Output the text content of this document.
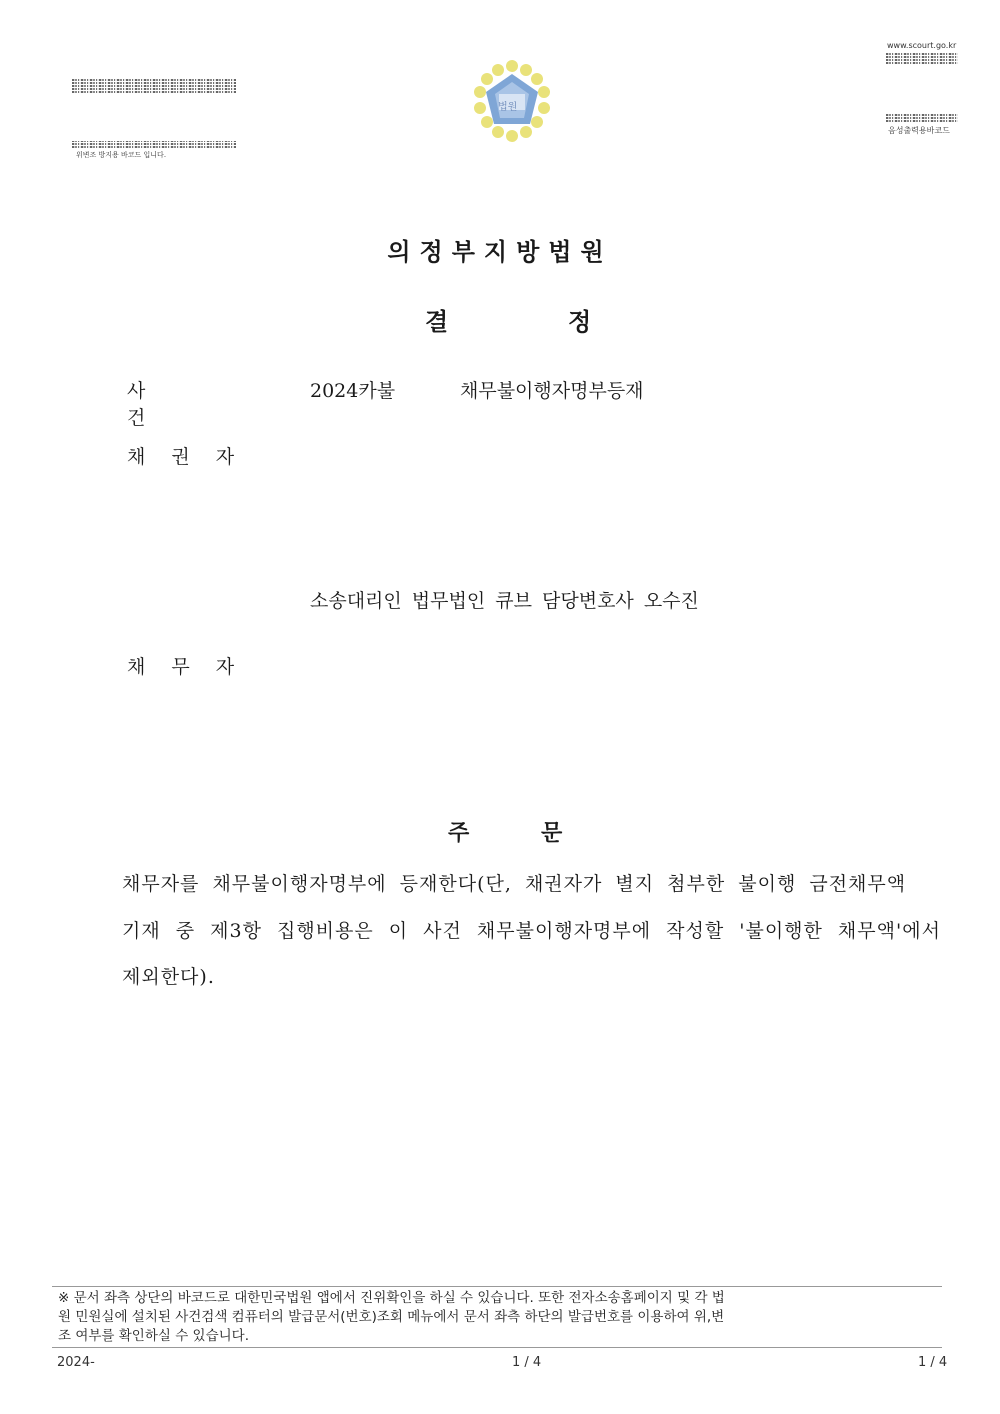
위변조 방지용 바코드 입니다.
법원
www.scourt.go.kr
음성출력용바코드
의정부지방법원
결	정
사 건
2024카불	채무불이행자명부등재
채 권 자
소송대리인 법무법인 큐브 담당변호사 오수진
채 무 자
주	문
채무자를 채무불이행자명부에 등재한다(단, 채권자가 별지 첨부한 불이행 금전채무액
기재 중 제3항 집행비용은 이 사건 채무불이행자명부에 작성할 '불이행한 채무액'에서
제외한다).
※ 문서 좌측 상단의 바코드로 대한민국법원 앱에서 진위확인을 하실 수 있습니다. 또한 전자소송홈페이지 및 각 법
원 민원실에 설치된 사건검색 컴퓨터의 발급문서(번호)조회 메뉴에서 문서 좌측 하단의 발급번호를 이용하여 위,변
조 여부를 확인하실 수 있습니다.
2024-	1 / 4	1 / 4
